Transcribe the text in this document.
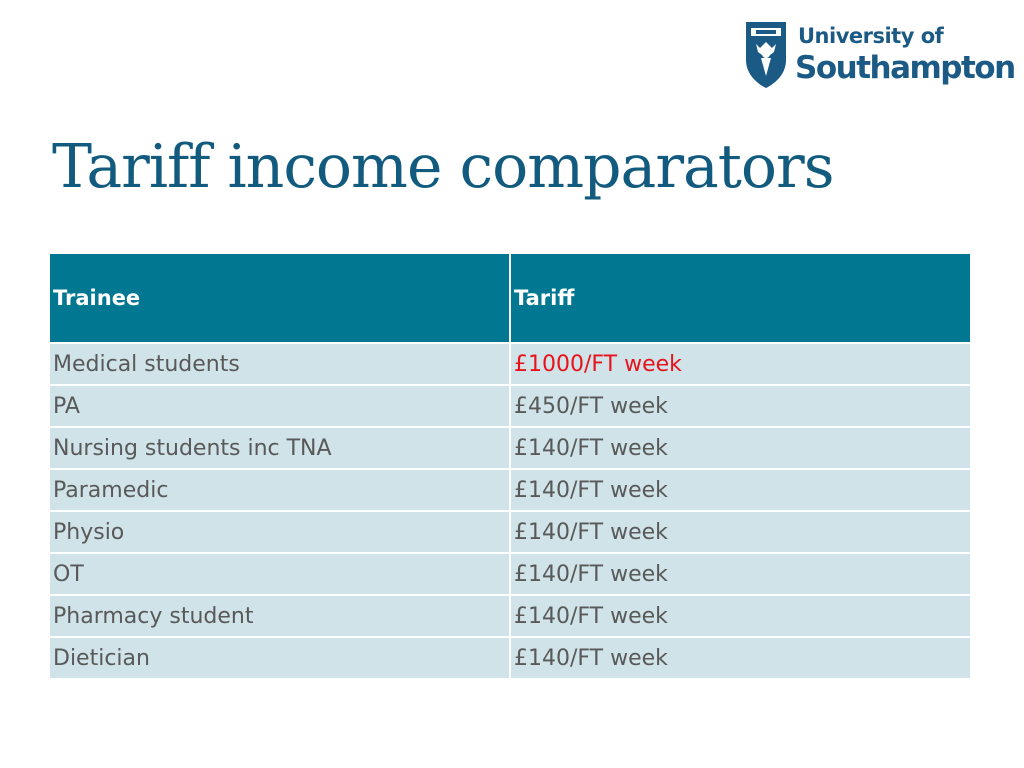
University of
Southampton
Tariff income comparators
Trainee	Tariff
Medical students	£1000/FT week
PA	£450/FT week
Nursing students inc TNA	£140/FT week
Paramedic	£140/FT week
Physio	£140/FT week
OT	£140/FT week
Pharmacy student	£140/FT week
Dietician	£140/FT week
